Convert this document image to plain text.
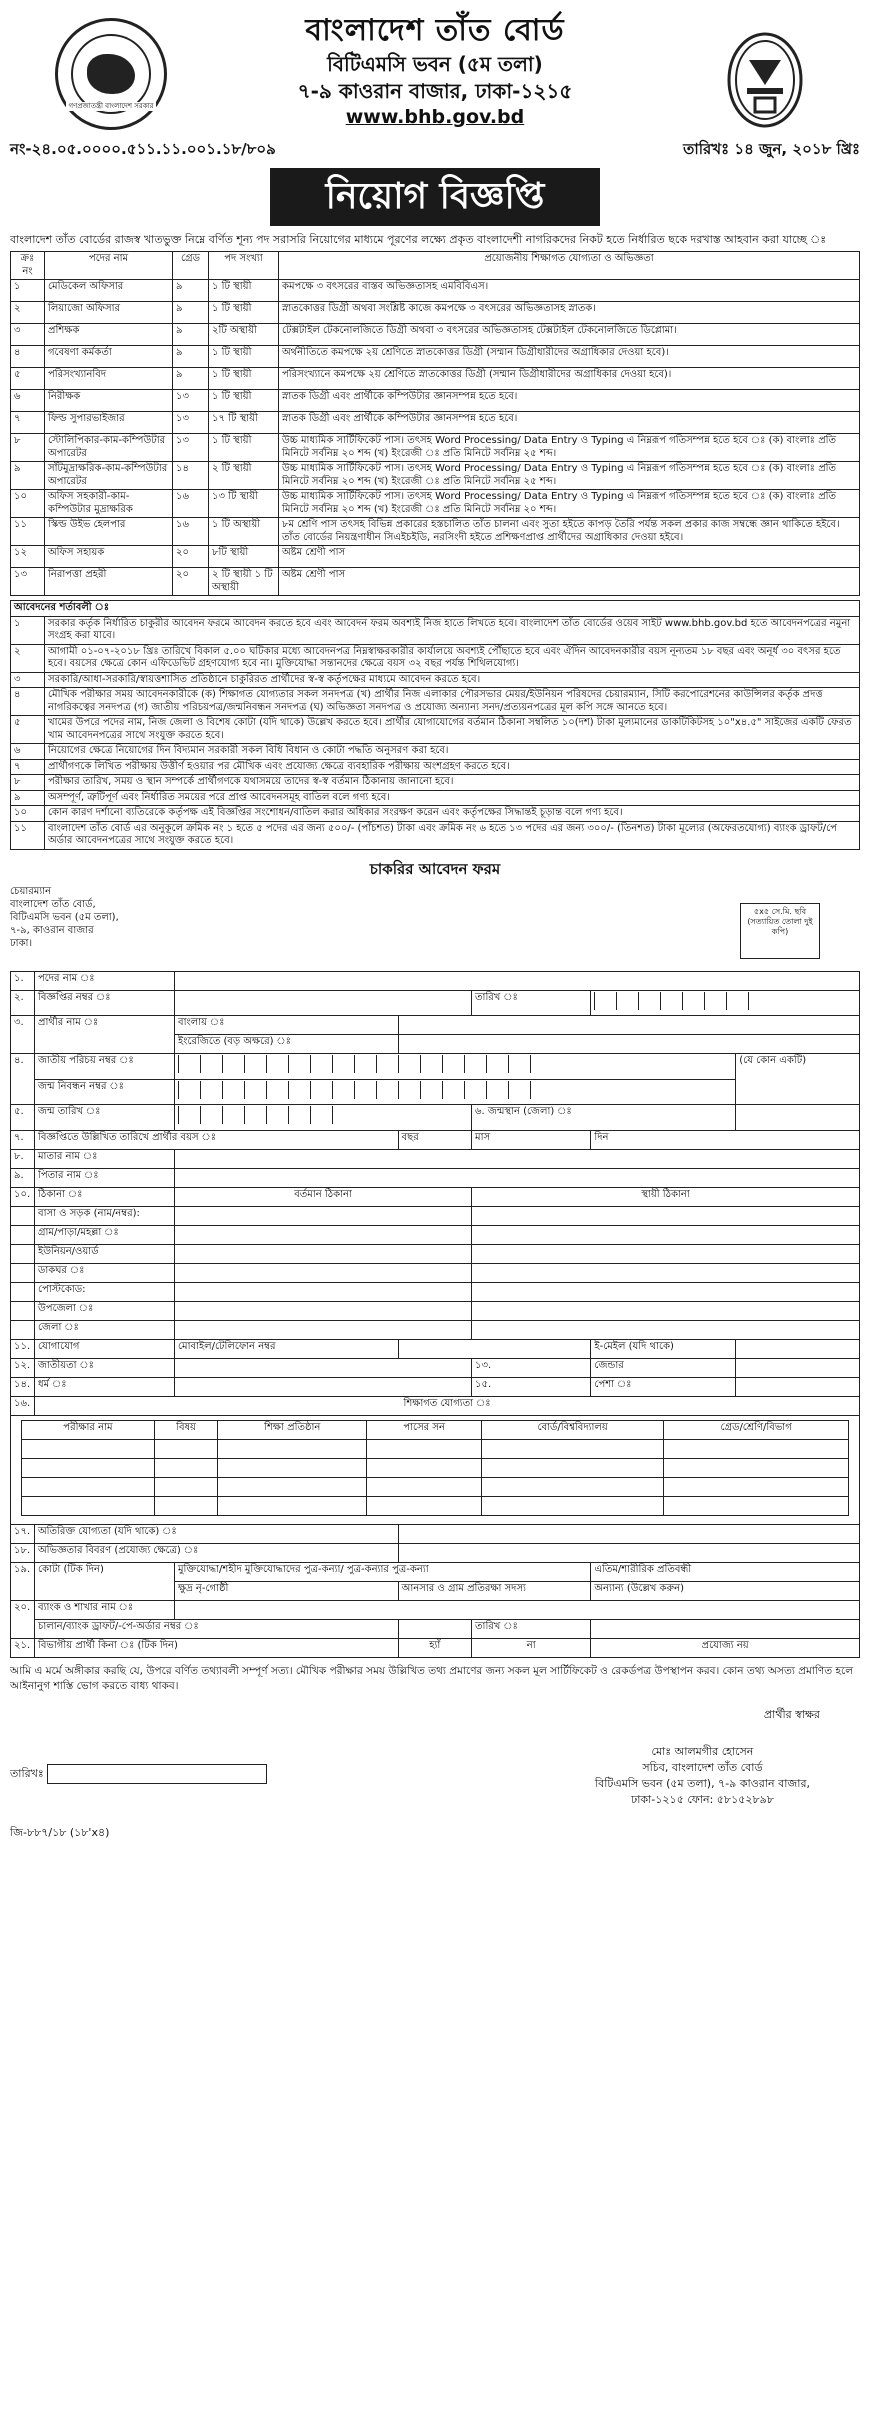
গণপ্রজাতন্ত্রী বাংলাদেশ সরকার
বাংলাদেশ তাঁত বোর্ড
বিটিএমসি ভবন (৫ম তলা)
৭-৯ কাওরান বাজার, ঢাকা-১২১৫
www.bhb.gov.bd
নং-২৪.০৫.০০০০.৫১১.১১.০০১.১৮/৮০৯	তারিখঃ ১৪ জুন, ২০১৮ খ্রিঃ
নিয়োগ বিজ্ঞপ্তি

বাংলাদেশ তাঁত বোর্ডের রাজস্ব খাতভুক্ত নিম্নে বর্ণিত শূন্য পদ সরাসরি নিয়োগের মাধ্যমে পূরণের লক্ষ্যে প্রকৃত বাংলাদেশী নাগরিকদের নিকট হতে নির্ধারিত ছকে দরখাস্ত আহবান করা যাচ্ছে ঃ

ক্রঃ নং	পদের নাম	গ্রেড	পদ সংখ্যা	প্রয়োজনীয় শিক্ষাগত যোগ্যতা ও অভিজ্ঞতা
১	মেডিকেল অফিসার	৯	১ টি স্থায়ী	কমপক্ষে ৩ বৎসরের বাস্তব অভিজ্ঞতাসহ এমবিবিএস।
২	লিয়াজো অফিসার	৯	১ টি স্থায়ী	স্নাতকোত্তর ডিগ্রী অথবা সংশ্লিষ্ট কাজে কমপক্ষে ৩ বৎসরের অভিজ্ঞতাসহ স্নাতক।
৩	প্রশিক্ষক	৯	২টি অস্থায়ী	টেক্সটাইল টেকনোলজিতে ডিগ্রী অথবা ৩ বৎসরের অভিজ্ঞতাসহ টেক্সটাইল টেকনোলজিতে ডিপ্লোমা।
৪	গবেষণা কর্মকর্তা	৯	১ টি স্থায়ী	অর্থনীতিতে কমপক্ষে ২য় শ্রেণিতে স্নাতকোত্তর ডিগ্রী (সম্মান ডিগ্রীধারীদের অগ্রাধিকার দেওয়া হবে)।
৫	পরিসংখ্যানবিদ	৯	১ টি স্থায়ী	পরিসংখ্যানে কমপক্ষে ২য় শ্রেণিতে স্নাতকোত্তর ডিগ্রী (সম্মান ডিগ্রীধারীদের অগ্রাধিকার দেওয়া হবে)।
৬	নিরীক্ষক	১৩	১ টি স্থায়ী	স্নাতক ডিগ্রী এবং প্রার্থীকে কম্পিউটার জ্ঞানসম্পন্ন হতে হবে।
৭	ফিল্ড সুপারভাইজার	১৩	১৭ টি স্থায়ী	স্নাতক ডিগ্রী এবং প্রার্থীকে কম্পিউটার জ্ঞানসম্পন্ন হতে হবে।
৮	স্টোলিপিকার-কাম-কম্পিউটার অপারেটর	১৩	১ টি স্থায়ী	উচ্চ মাধ্যমিক সার্টিফিকেট পাস। তৎসহ Word Processing/ Data Entry ও Typing এ নিম্নরূপ গতিসম্পন্ন হতে হবে ঃ (ক) বাংলাঃ প্রতি মিনিটে সর্বনিম্ন ২০ শব্দ (খ) ইংরেজী ঃ প্রতি মিনিটে সর্বনিম্ন ২৫ শব্দ।
৯	সাঁটমুদ্রাক্ষরিক-কাম-কম্পিউটার অপারেটর	১৪	২ টি স্থায়ী	উচ্চ মাধ্যমিক সার্টিফিকেট পাস। তৎসহ Word Processing/ Data Entry ও Typing এ নিম্নরূপ গতিসম্পন্ন হতে হবে ঃ (ক) বাংলাঃ প্রতি মিনিটে সর্বনিম্ন ২০ শব্দ (খ) ইংরেজী ঃ প্রতি মিনিটে সর্বনিম্ন ২৫ শব্দ।
১০	অফিস সহকারী-কাম-কম্পিউটার মুদ্রাক্ষরিক	১৬	১৩ টি স্থায়ী	উচ্চ মাধ্যমিক সার্টিফিকেট পাস। তৎসহ Word Processing/ Data Entry ও Typing এ নিম্নরূপ গতিসম্পন্ন হতে হবে ঃ (ক) বাংলাঃ প্রতি মিনিটে সর্বনিম্ন ২০ শব্দ (খ) ইংরেজী ঃ প্রতি মিনিটে সর্বনিম্ন ২০ শব্দ।
১১	স্কিল্ড উইভ হেলপার	১৬	১ টি অস্থায়ী	৮ম শ্রেণি পাস তৎসহ বিভিন্ন প্রকারের হস্তচালিত তাঁত চালনা এবং সুতা হইতে কাপড় তৈরি পর্যন্ত সকল প্রকার কাজ সম্বন্ধে জ্ঞান থাকিতে হইবে। তাঁত বোর্ডের নিয়ন্ত্রণাধীন সিএইচইডি, নরসিংদী হইতে প্রশিক্ষণপ্রাপ্ত প্রার্থীদের অগ্রাধিকার দেওয়া হইবে।
১২	অফিস সহায়ক	২০	৮টি স্থায়ী	অষ্টম শ্রেণী পাস
১৩	নিরাপত্তা প্রহরী	২০	২ টি স্থায়ী ১ টি অস্থায়ী	অষ্টম শ্রেণী পাস
আবেদনের শর্তাবলী ঃ	
১	সরকার কর্তৃক নির্ধারিত চাকুরীর আবেদন ফরমে আবেদন করতে হবে এবং আবেদন ফরম অবশ্যই নিজ হাতে লিখতে হবে। বাংলাদেশ তাঁত বোর্ডের ওয়েব সাইট www.bhb.gov.bd হতে আবেদনপত্রের নমুনা সংগ্রহ করা যাবে।
২	আগামী ০১-০৭-২০১৮ খ্রিঃ তারিখে বিকাল ৫.০০ ঘটিকার মধ্যে আবেদনপত্র নিম্নস্বাক্ষরকারীর কার্যালয়ে অবশ্যই পৌঁছাতে হবে এবং ঐদিন আবেদনকারীর বয়স নূন্যতম ১৮ বছর এবং অনূর্ধ ৩০ বৎসর হতে হবে। বয়সের ক্ষেত্রে কোন এফিডেভিট গ্রহণযোগ্য হবে না। মুক্তিযোদ্ধা সন্তানদের ক্ষেত্রে বয়স ৩২ বছর পর্যন্ত শিথিলযোগ্য।
৩	সরকারি/আধা-সরকারি/স্বায়ত্তশাসিত প্রতিষ্ঠানে চাকুরিরত প্রার্থীদের স্ব-স্ব কর্তৃপক্ষের মাধ্যমে আবেদন করতে হবে।
৪	মৌখিক পরীক্ষার সময় আবেদনকারীকে (ক) শিক্ষাগত যোগ্যতার সকল সনদপত্র (খ) প্রার্থীর নিজ এলাকার পৌরসভার মেয়র/ইউনিয়ন পরিষদের চেয়ারম্যান, সিটি করপোরেশনের কাউন্সিলর কর্তৃক প্রদত্ত নাগরিকত্বের সনদপত্র (গ) জাতীয় পরিচয়পত্র/জন্মনিবন্ধন সনদপত্র (ঘ) অভিজ্ঞতা সনদপত্র ও প্রযোজ্য অন্যান্য সনদ/প্রত্যয়নপত্রের মূল কপি সঙ্গে আনতে হবে।
৫	খামের উপরে পদের নাম, নিজ জেলা ও বিশেষ কোটা (যদি থাকে) উল্লেখ করতে হবে। প্রার্থীর যোগাযোগের বর্তমান ঠিকানা সম্বলিত ১০(দশ) টাকা মূল্যমানের ডাকটিকিটসহ ১০"x৪.৫" সাইজের একটি ফেরত খাম আবেদনপত্রের সাথে সংযুক্ত করতে হবে।
৬	নিয়োগের ক্ষেত্রে নিয়োগের দিন বিদ্যমান সরকারী সকল বিধি বিধান ও কোটা পদ্ধতি অনুসরণ করা হবে।
৭	প্রার্থীগণকে লিখিত পরীক্ষায় উত্তীর্ণ হওয়ার পর মৌখিক এবং প্রযোজ্য ক্ষেত্রে ব্যবহারিক পরীক্ষায় অংশগ্রহণ করতে হবে।
৮	পরীক্ষার তারিখ, সময় ও স্থান সম্পর্কে প্রার্থীগণকে যথাসময়ে তাদের স্ব-স্ব বর্তমান ঠিকানায় জানানো হবে।
৯	অসম্পূর্ণ, ত্রুটিপূর্ণ এবং নির্ধারিত সময়ের পরে প্রাপ্ত আবেদনসমূহ বাতিল বলে গণ্য হবে।
১০	কোন কারণ দর্শানো ব্যতিরেকে কর্তৃপক্ষ এই বিজ্ঞপ্তির সংশোধন/বাতিল করার অধিকার সংরক্ষণ করেন এবং কর্তৃপক্ষের সিদ্ধান্তই চূড়ান্ত বলে গণ্য হবে।
১১	বাংলাদেশ তাঁত বোর্ড এর অনুকূলে ক্রমিক নং ১ হতে ৫ পদের এর জন্য ৫০০/- (পাঁচশত) টাকা এবং ক্রমিক নং ৬ হতে ১৩ পদের এর জন্য ৩০০/- (তিনশত) টাকা মূল্যের (অফেরতযোগ্য) ব্যাংক ড্রাফট/পে অর্ডার আবেদনপত্রের সাথে সংযুক্ত করতে হবে।
চাকরির আবেদন ফরম
চেয়ারম্যান
বাংলাদেশ তাঁত বোর্ড,
বিটিএমসি ভবন (৫ম তলা),
৭-৯, কাওরান বাজার
ঢাকা।
৫x৫ সে.মি. ছবি (সত্যায়িত তোলা দুই কপি)
১.	পদের নাম ঃ	
২.	বিজ্ঞপ্তির নম্বর ঃ		তারিখ ঃ	
৩.	প্রার্থীর নাম ঃ	বাংলায় ঃ	
ইংরেজিতে (বড় অক্ষরে) ঃ	
৪.	জাতীয় পরিচয় নম্বর ঃ		(যে কোন একটি)
জন্ম নিবন্ধন নম্বর ঃ	
৫.	জন্ম তারিখ ঃ		৬. জন্মস্থান (জেলা) ঃ	
৭.	বিজ্ঞপ্তিতে উল্লিখিত তারিখে প্রার্থীর বয়স ঃ	বছর	মাস	দিন
৮.	মাতার নাম ঃ	
৯.	পিতার নাম ঃ	
১০.	ঠিকানা ঃ	বর্তমান ঠিকানা	স্থায়ী ঠিকানা
	বাসা ও সড়ক (নাম/নম্বর):		
	গ্রাম/পাড়া/মহল্লা ঃ		
	ইউনিয়ন/ওয়ার্ড		
	ডাকঘর ঃ		
	পোস্টকোড:		
	উপজেলা ঃ		
	জেলা ঃ		
১১.	যোগাযোগ	মোবাইল/টেলিফোন নম্বর		ই-মেইল (যদি থাকে)	
১২.	জাতীয়তা ঃ		১৩.	জেন্ডার	
১৪.	ধর্ম ঃ		১৫.	পেশা ঃ	
১৬.	শিক্ষাগত যোগ্যতা ঃ

পরীক্ষার নাম	বিষয়	শিক্ষা প্রতিষ্ঠান	পাসের সন	বোর্ড/বিশ্ববিদ্যালয়	গ্রেড/শ্রেণি/বিভাগ

১৭.	অতিরিক্ত যোগ্যতা (যদি থাকে) ঃ	
১৮.	অভিজ্ঞতার বিবরণ (প্রযোজ্য ক্ষেত্রে) ঃ	
১৯.	কোটা (টিক দিন)	মুক্তিযোদ্ধা/শহীদ মুক্তিযোদ্ধাদের পুত্র-কন্যা/ পুত্র-কন্যার পুত্র-কন্যা	এতিম/শারীরিক প্রতিবন্ধী
ক্ষুদ্র নৃ-গোষ্ঠী	আনসার ও গ্রাম প্রতিরক্ষা সদস্য	অন্যান্য (উল্লেখ করুন)
২০.	ব্যাংক ও শাখার নাম ঃ	
চালান/ব্যাংক ড্রাফট/-পে-অর্ডার নম্বর ঃ		তারিখ ঃ	
২১.	বিভাগীয় প্রার্থী কিনা ঃ (টিক দিন)	হ্যাঁ	না	প্রযোজ্য নয়

আমি এ মর্মে অঙ্গীকার করছি যে, উপরে বর্ণিত তথ্যাবলী সম্পূর্ণ সত্য। মৌখিক পরীক্ষার সময় উল্লিখিত তথ্য প্রমাণের জন্য সকল মূল সার্টিফিকেট ও রেকর্ডপত্র উপস্থাপন করব। কোন তথ্য অসত্য প্রমাণিত হলে আইনানুগ শাস্তি ভোগ করতে বাধ্য থাকব।

প্রার্থীর স্বাক্ষর
তারিখঃ
মোঃ আলমগীর হোসেন
সচিব, বাংলাদেশ তাঁত বোর্ড
বিটিএমসি ভবন (৫ম তলা), ৭-৯ কাওরান বাজার,
ঢাকা-১২১৫ ফোন: ৫৮১৫২৮৯৮
জি-৮৮৭/১৮ (১৮'x৪)
